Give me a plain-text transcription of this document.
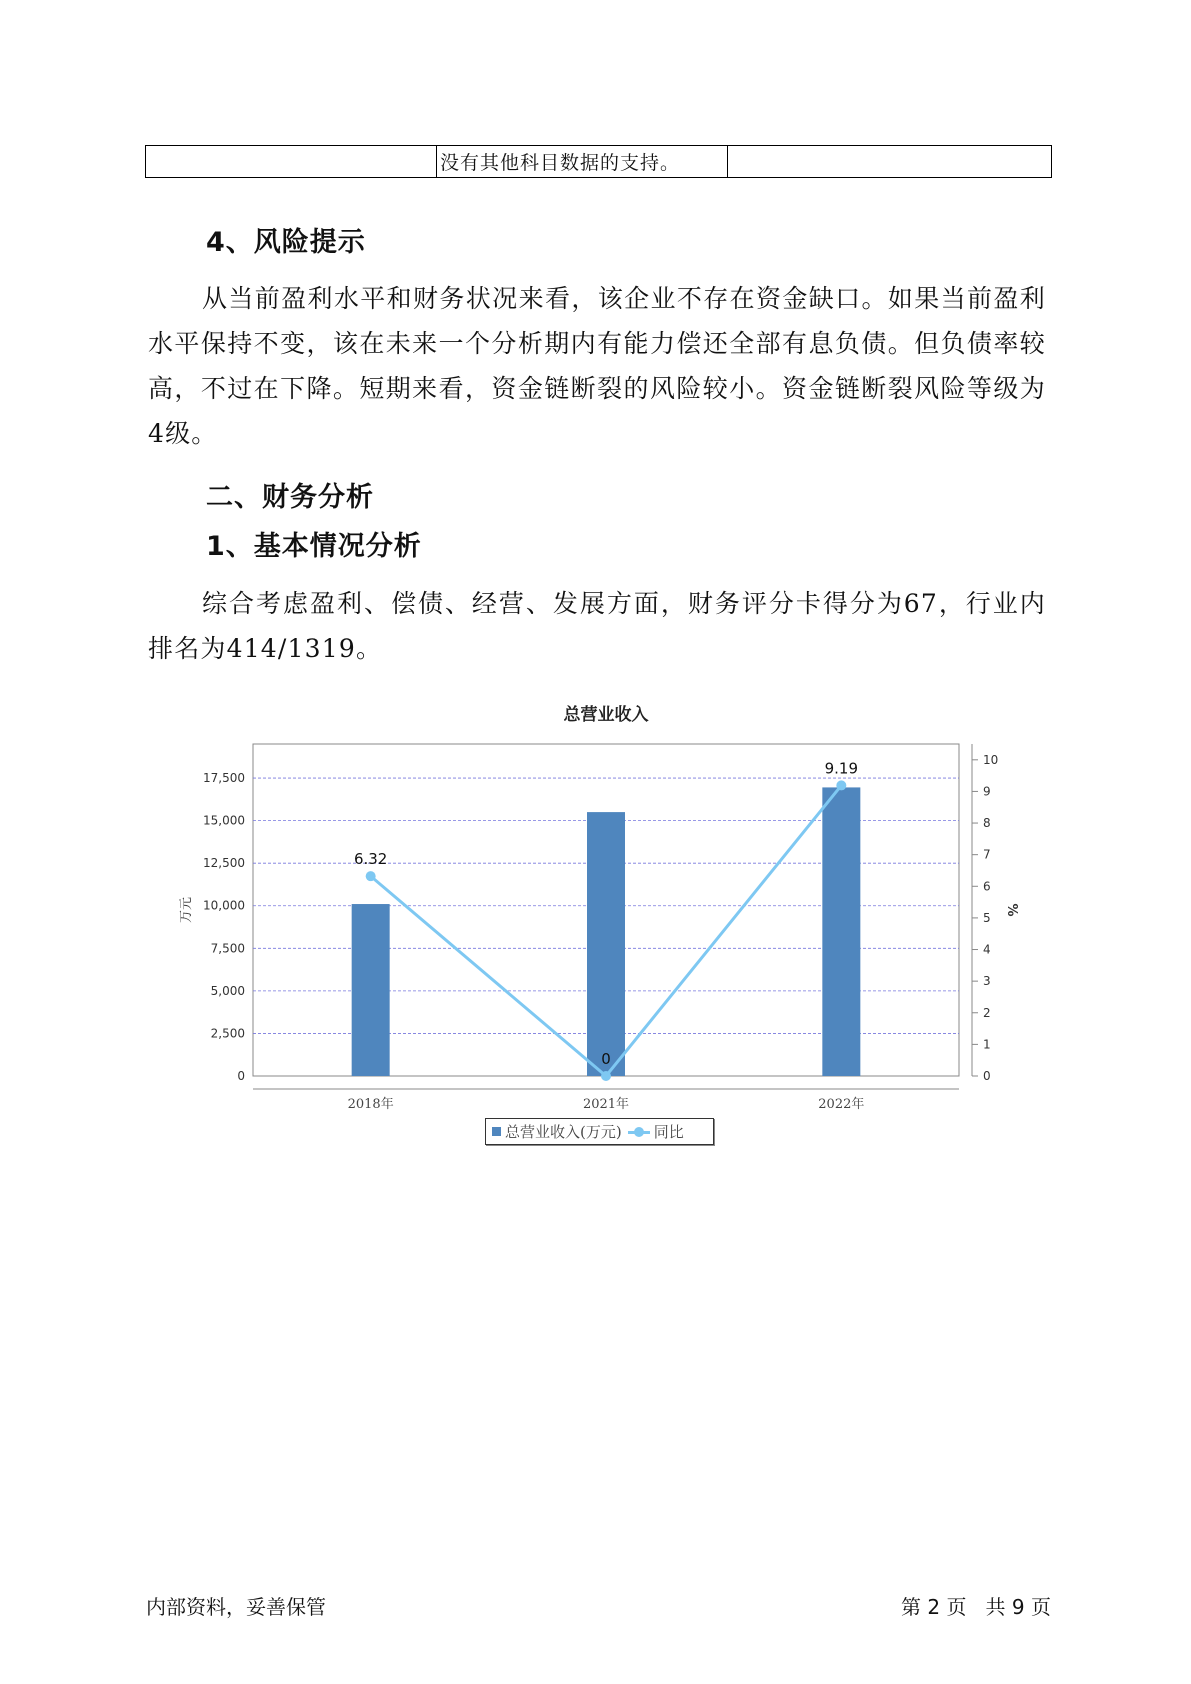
	没有其他科目数据的支持。	
4、风险提示

从当前盈利水平和财务状况来看，该企业不存在资金缺口。如果当前盈利水平保持不变，该在未来一个分析期内有能力偿还全部有息负债。但负债率较高，不过在下降。短期来看，资金链断裂的风险较小。资金链断裂风险等级为4级。

二、财务分析
1、基本情况分析

综合考虑盈利、偿债、经营、发展方面，财务评分卡得分为67，行业内排名为414/1319。

总营业收入
0
2,500
5,000
7,500
10,000
12,500
15,000
17,500
0
1
2
3
4
5
6
7
8
9
10
万元	%
2018年	2021年	2022年
6.32
0
9.19
总营业收入(万元) 同比
内部资料，妥善保管	第 2 页   共 9 页
